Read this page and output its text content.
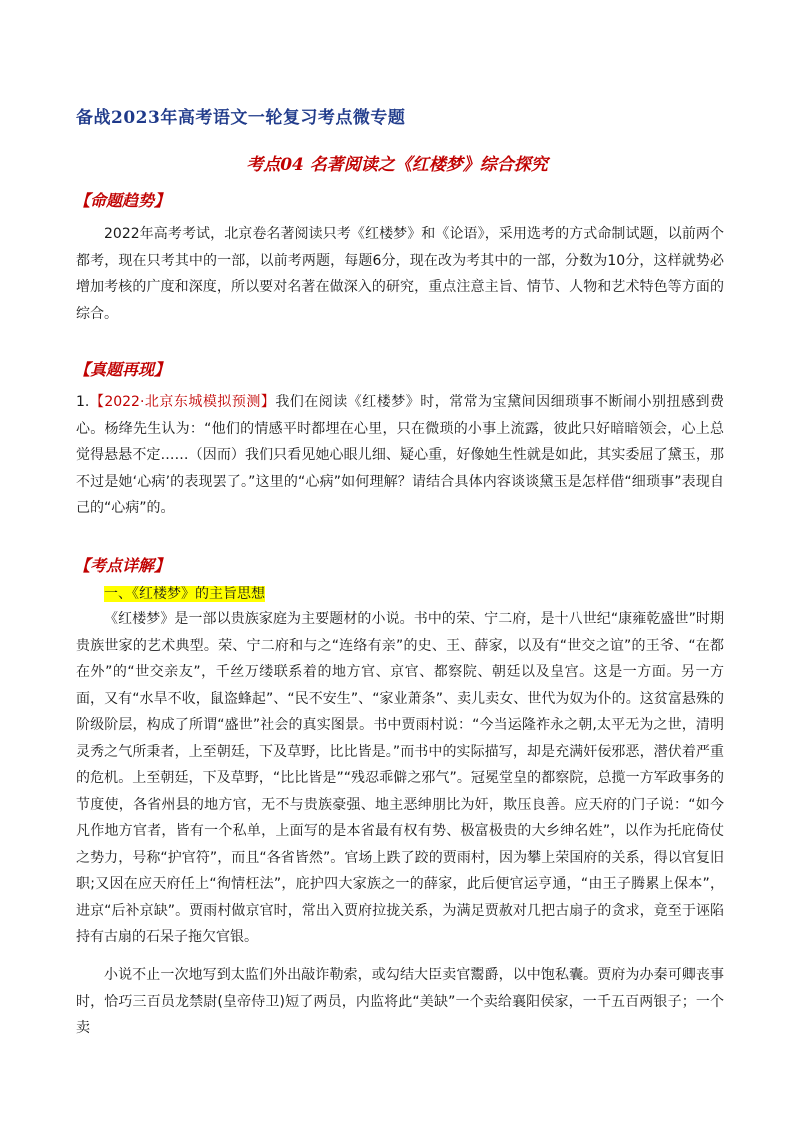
备战2023年高考语文一轮复习考点微专题
考点04 名著阅读之《红楼梦》综合探究
【命题趋势】

2022年高考考试，北京卷名著阅读只考《红楼梦》和《论语》，采用选考的方式命制试题，以前两个都考，现在只考其中的一部，以前考两题，每题6分，现在改为考其中的一部，分数为10分，这样就势必增加考核的广度和深度，所以要对名著在做深入的研究，重点注意主旨、情节、人物和艺术特色等方面的综合。

【真题再现】

1.【2022·北京东城模拟预测】我们在阅读《红楼梦》时，常常为宝黛间因细琐事不断闹小别扭感到费心。杨绛先生认为：“他们的情感平时都埋在心里，只在微琐的小事上流露，彼此只好暗暗领会，心上总觉得悬悬不定……（因而）我们只看见她心眼儿细、疑心重，好像她生性就是如此，其实委屈了黛玉，那不过是她‘心病’的表现罢了。”这里的“心病”如何理解？请结合具体内容谈谈黛玉是怎样借“细琐事”表现自己的“心病”的。

【考点详解】
一、《红楼梦》的主旨思想

《红楼梦》是一部以贵族家庭为主要题材的小说。书中的荣、宁二府，是十八世纪“康雍乾盛世”时期贵族世家的艺术典型。荣、宁二府和与之“连络有亲”的史、王、薛家，以及有“世交之谊”的王爷、“在都在外”的“世交亲友”，千丝万缕联系着的地方官、京官、都察院、朝廷以及皇宫。这是一方面。另一方面，又有“水旱不收，鼠盗蜂起”、“民不安生”、“家业萧条”、卖儿卖女、世代为奴为仆的。这贫富悬殊的阶级阶层，构成了所谓“盛世”社会的真实图景。书中贾雨村说：“今当运隆祚永之朝,太平无为之世，清明灵秀之气所秉者，上至朝廷，下及草野，比比皆是。”而书中的实际描写，却是充满奸佞邪恶，潜伏着严重的危机。上至朝廷，下及草野，“比比皆是”“残忍乖僻之邪气”。冠冕堂皇的都察院，总揽一方军政事务的节度使，各省州县的地方官，无不与贵族豪强、地主恶绅朋比为奸，欺压良善。应天府的门子说：“如今凡作地方官者，皆有一个私单，上面写的是本省最有权有势、极富极贵的大乡绅名姓”，以作为托庇倚仗之势力，号称“护官符”，而且“各省皆然”。官场上跌了跤的贾雨村，因为攀上荣国府的关系，得以官复旧职;又因在应天府任上“徇情枉法”，庇护四大家族之一的薛家，此后便官运亨通，“由王子腾累上保本”，进京“后补京缺”。贾雨村做京官时，常出入贾府拉拢关系，为满足贾赦对几把古扇子的贪求，竟至于诬陷持有古扇的石呆子拖欠官银。

小说不止一次地写到太监们外出敲诈勒索，或勾结大臣卖官鬻爵，以中饱私囊。贾府为办秦可卿丧事时，恰巧三百员龙禁尉(皇帝侍卫)短了两员，内监将此“美缺”一个卖给襄阳侯家，一千五百两银子；一个卖
